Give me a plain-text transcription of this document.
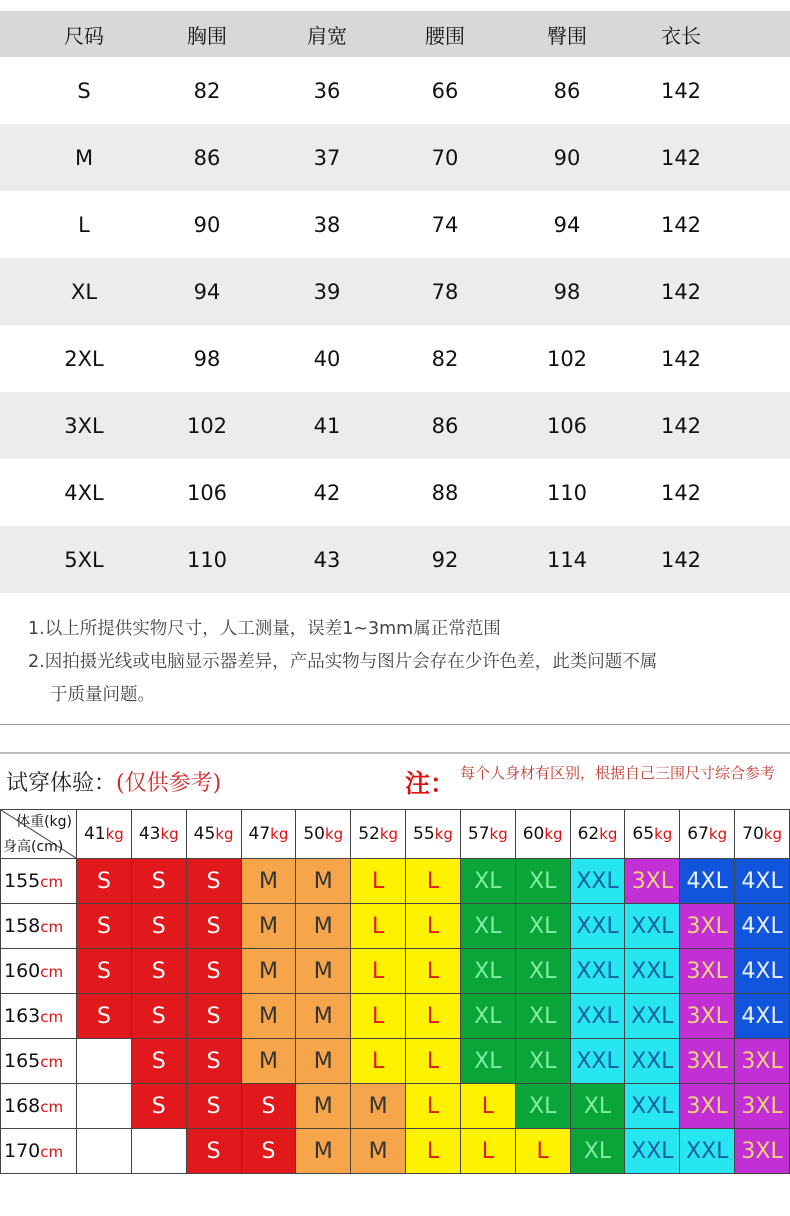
尺码	胸围	肩宽	腰围	臀围	衣长
S	82	36	66	86	142
M	86	37	70	90	142
L	90	38	74	94	142
XL	94	39	78	98	142
2XL	98	40	82	102	142
3XL	102	41	86	106	142
4XL	106	42	88	110	142
5XL	110	43	92	114	142
1.以上所提供实物尺寸，人工测量，误差1~3mm属正常范围
2.因拍摄光线或电脑显示器差异，产品实物与图片会存在少许色差，此类问题不属
于质量问题。
试穿体验：(仅供参考)	注： 每个人身材有区别，根据自己三围尺寸综合参考
体重(kg)
身高(cm)	41kg	43kg	45kg	47kg	50kg	52kg	55kg	57kg	60kg	62kg	65kg	67kg	70kg
155cm	S	S	S	M	M	L	L	XL	XL	XXL	3XL	4XL	4XL
158cm	S	S	S	M	M	L	L	XL	XL	XXL	XXL	3XL	4XL
160cm	S	S	S	M	M	L	L	XL	XL	XXL	XXL	3XL	4XL
163cm	S	S	S	M	M	L	L	XL	XL	XXL	XXL	3XL	4XL
165cm		S	S	M	M	L	L	XL	XL	XXL	XXL	3XL	3XL
168cm		S	S	S	M	M	L	L	XL	XL	XXL	3XL	3XL
170cm			S	S	M	M	L	L	L	XL	XXL	XXL	3XL
